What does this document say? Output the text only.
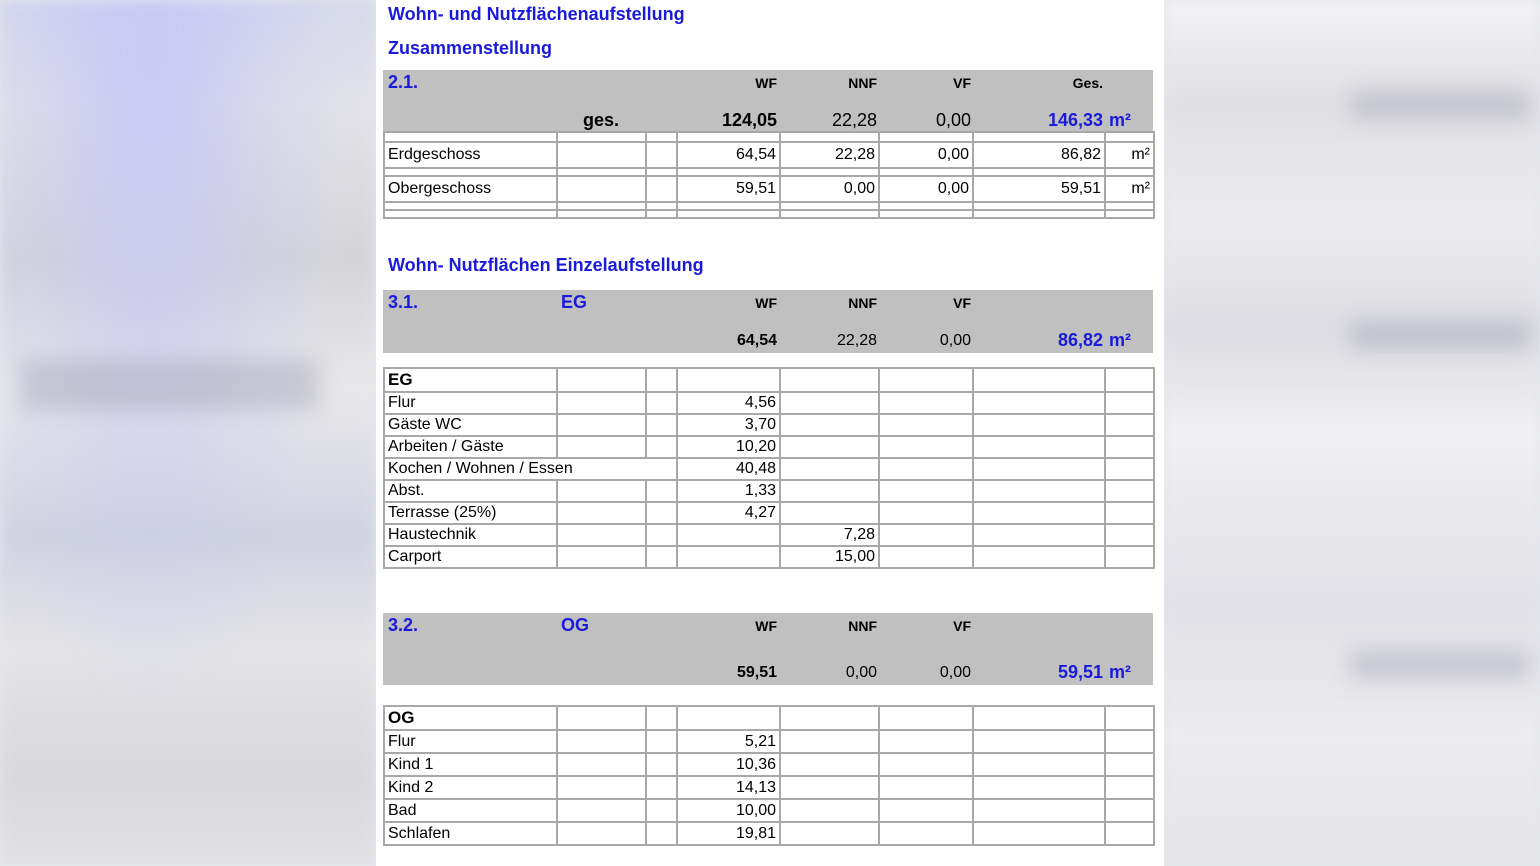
Wohn- und Nutzflächenaufstellung
Zusammenstellung
2.1.	WF	NNF	VF	Ges.
ges.	124,05	22,28	0,00	146,33 m²

Erdgeschoss			64,54	22,28	0,00	86,82	m²

Obergeschoss			59,51	0,00	0,00	59,51	m²

Wohn- Nutzflächen Einzelaufstellung
3.1.	EG	WF	NNF	VF
64,54	22,28	0,00	86,82 m²
EG							
Flur			4,56				
Gäste WC			3,70				
Arbeiten / Gäste			10,20				
Kochen / Wohnen / Essen			40,48				
Abst.			1,33				
Terrasse (25%)			4,27				
Haustechnik				7,28			
Carport				15,00			
3.2.	OG	WF	NNF	VF
59,51	0,00	0,00	59,51 m²
OG							
Flur			5,21				
Kind 1			10,36				
Kind 2			14,13				
Bad			10,00				
Schlafen			19,81				
